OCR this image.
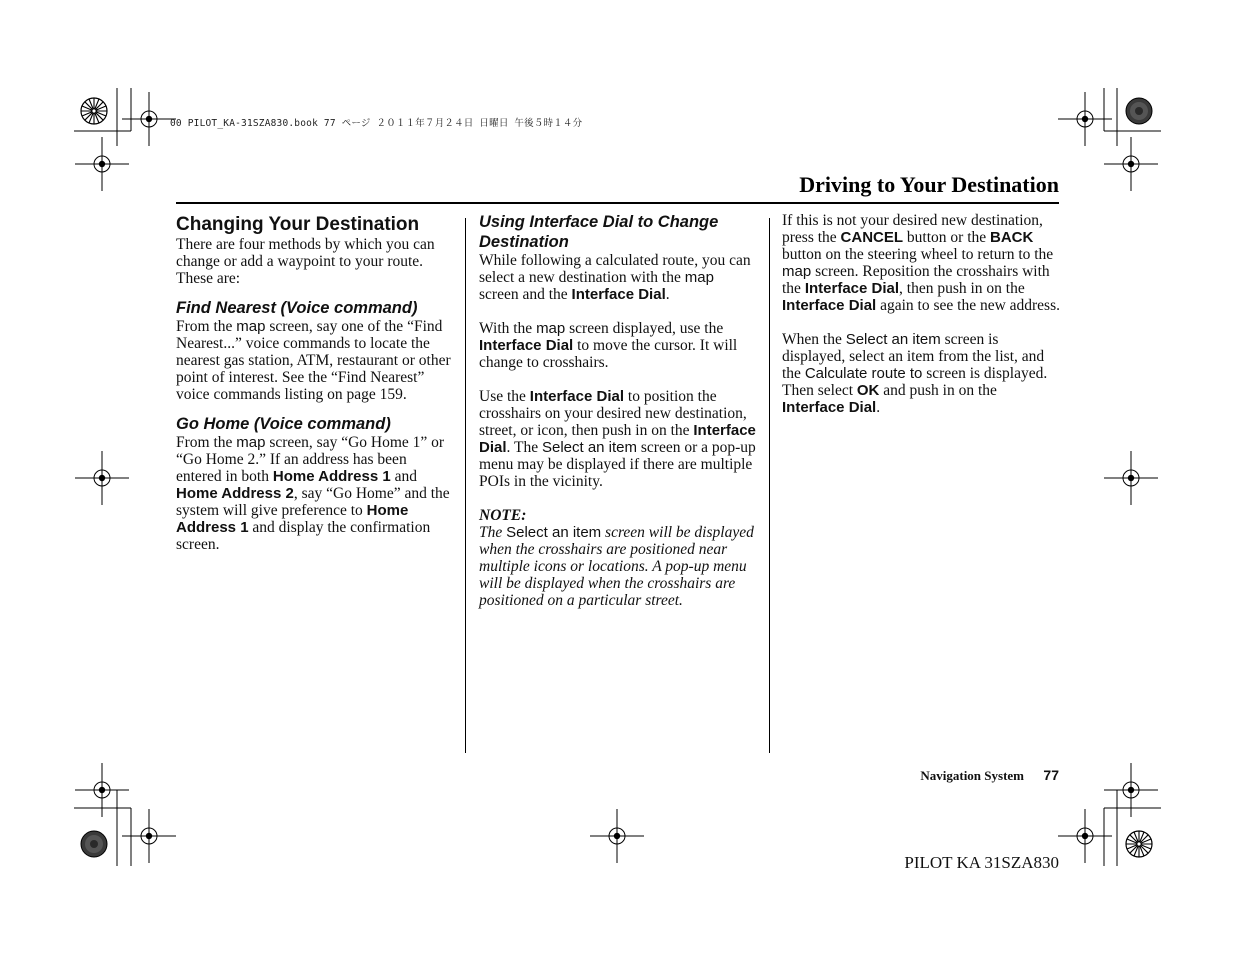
00 PILOT_KA-31SZA830.book 77 ページ ２０１１年７月２４日 日曜日 午後５時１４分
Driving to Your Destination
Changing Your Destination

There are four methods by which you can change or add a waypoint to your route. These are:

Find Nearest (Voice command)

From the map screen, say one of the “Find Nearest...” voice commands to locate the nearest gas station, ATM, restaurant or other point of interest. See the “Find Nearest” voice commands listing on page 159.

Go Home (Voice command)

From the map screen, say “Go Home 1” or “Go Home 2.” If an address has been entered in both Home Address 1 and Home Address 2, say “Go Home” and the system will give preference to Home Address 1 and display the confirmation screen.

Using Interface Dial to Change Destination

While following a calculated route, you can select a new destination with the map screen and the Interface Dial.

With the map screen displayed, use the Interface Dial to move the cursor. It will change to crosshairs.

Use the Interface Dial to position the crosshairs on your desired new destination, street, or icon, then push in on the Interface Dial. The Select an item screen or a pop-up menu may be displayed if there are multiple POIs in the vicinity.

NOTE:

The Select an item screen will be displayed when the crosshairs are positioned near multiple icons or locations. A pop-up menu will be displayed when the crosshairs are positioned on a particular street.

If this is not your desired new destination, press the CANCEL button or the BACK button on the steering wheel to return to the map screen. Reposition the crosshairs with the Interface Dial, then push in on the Interface Dial again to see the new address.

When the Select an item screen is displayed, select an item from the list, and the Calculate route to screen is displayed. Then select OK and push in on the Interface Dial.

Navigation System 77
PILOT KA 31SZA830
